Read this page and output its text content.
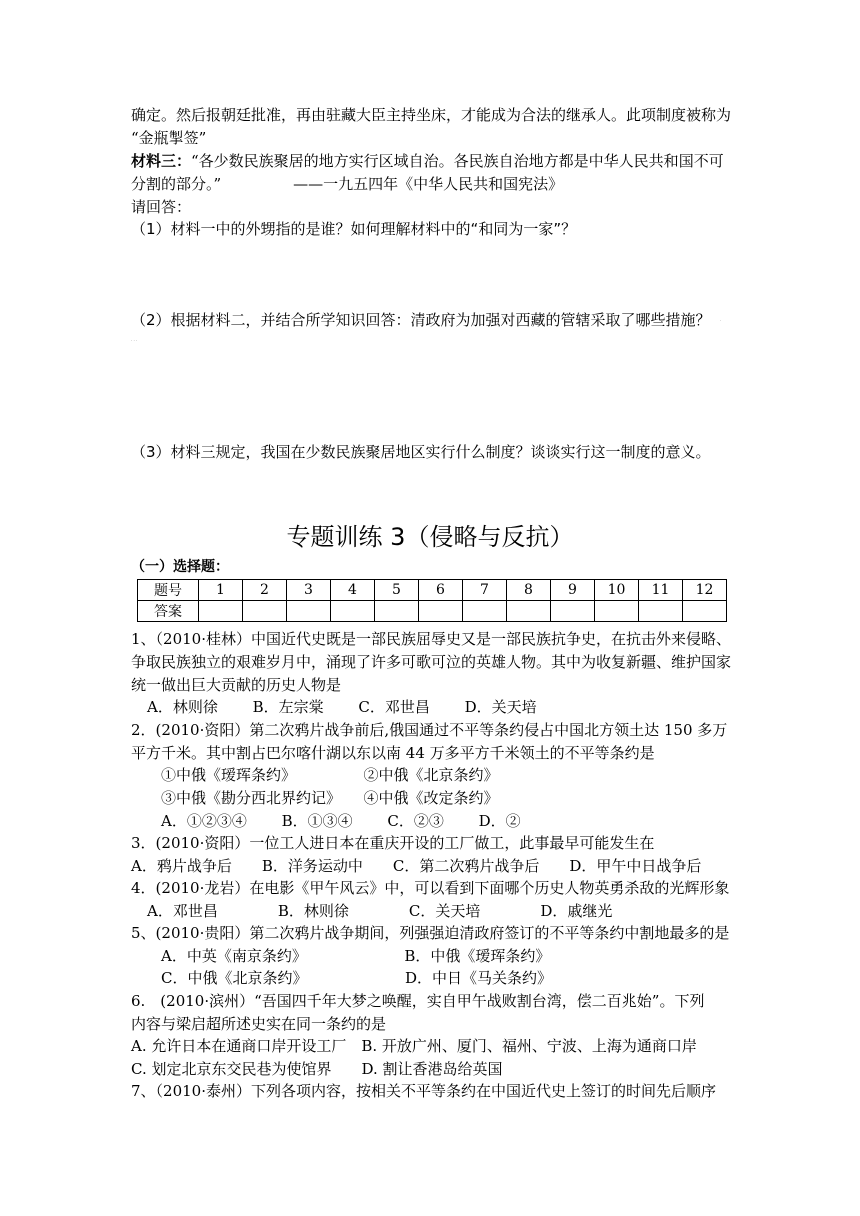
确定。然后报朝廷批准，再由驻藏大臣主持坐床，才能成为合法的继承人。此项制度被称为
“金瓶掣签”
材料三：“各少数民族聚居的地方实行区域自治。各民族自治地方都是中华人民共和国不可
分割的部分。”	——一九五四年《中华人民共和国宪法》
请回答：
（1）材料一中的外甥指的是谁？如何理解材料中的“和同为一家”？
（2）根据材料二，并结合所学知识回答：清政府为加强对西藏的管辖采取了哪些措施？ ·
· · ·
（3）材料三规定，我国在少数民族聚居地区实行什么制度？谈谈实行这一制度的意义。
专题训练 3（侵略与反抗）
（一）选择题：
题号	1	2	3	4	5	6	7	8	9	10	11	12
答案												
1、（2010·桂林）中国近代史既是一部民族屈辱史又是一部民族抗争史，在抗击外来侵略、
争取民族独立的艰难岁月中，涌现了许多可歌可泣的英雄人物。其中为收复新疆、维护国家
统一做出巨大贡献的历史人物是
A．林则徐　　 B．左宗棠　　 C．邓世昌　　 D．关天培
2．(2010·资阳）第二次鸦片战争前后,俄国通过不平等条约侵占中国北方领土达 150 多万
平方千米。其中割占巴尔喀什湖以东以南 44 万多平方千米领土的不平等条约是
①中俄《瑷珲条约》　　　　　②中俄《北京条约》
③中俄《勘分西北界约记》　　④中俄《改定条约》
A．①②③④　　 B．①③④　　 C．②③　　 D．②
3．(2010·资阳）一位工人进日本在重庆开设的工厂做工，此事最早可能发生在
A．鸦片战争后　　B．洋务运动中　　C．第二次鸦片战争后　　D．甲午中日战争后
4．(2010·龙岩）在电影《甲午风云》中，可以看到下面哪个历史人物英勇杀敌的光辉形象
A．邓世昌　　　　B．林则徐　　　　C．关天培　　　　D．戚继光
5、(2010·贵阳）第二次鸦片战争期间，列强强迫清政府签订的不平等条约中割地最多的是
A．中英《南京条约》　　　　　　　B．中俄《瑷珲条约》
C．中俄《北京条约》　　　　　　　D．中日《马关条约》
6.　(2010·滨州）“吾国四千年大梦之唤醒，实自甲午战败割台湾，偿二百兆始”。下列
内容与梁启超所述史实在同一条约的是
A. 允许日本在通商口岸开设工厂　B. 开放广州、厦门、福州、宁波、上海为通商口岸
C. 划定北京东交民巷为使馆界　　D. 割让香港岛给英国
7、（2010·泰州）下列各项内容，按相关不平等条约在中国近代史上签订的时间先后顺序
